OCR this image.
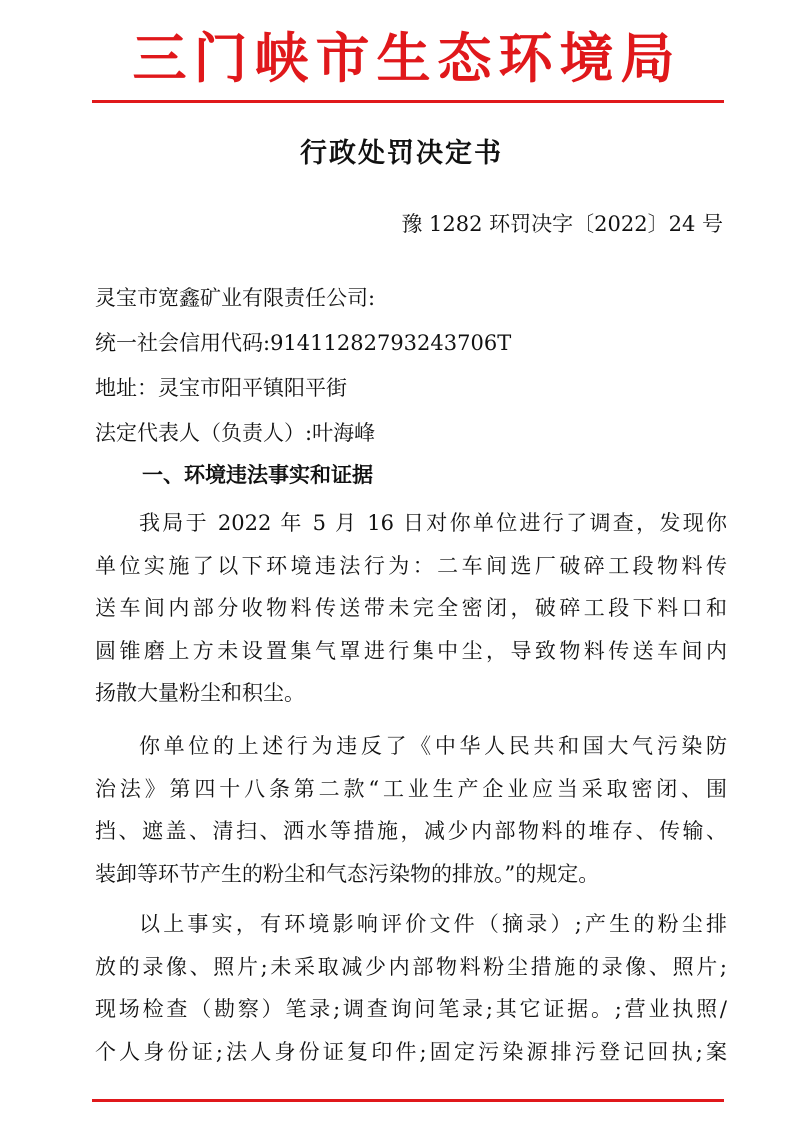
三门峡市生态环境局
行政处罚决定书
豫 1282 环罚决字〔2022〕24 号
灵宝市宽鑫矿业有限责任公司:
统一社会信用代码:91411282793243706T
地址：灵宝市阳平镇阳平街
法定代表人（负责人）:叶海峰
一、环境违法事实和证据
我局于 2022 年 5 月 16 日对你单位进行了调查，发现你
单位实施了以下环境违法行为：二车间选厂破碎工段物料传
送车间内部分收物料传送带未完全密闭，破碎工段下料口和
圆锥磨上方未设置集气罩进行集中尘，导致物料传送车间内
扬散大量粉尘和积尘。
你单位的上述行为违反了《中华人民共和国大气污染防
治法》第四十八条第二款“工业生产企业应当采取密闭、围
挡、遮盖、清扫、洒水等措施，减少内部物料的堆存、传输、
装卸等环节产生的粉尘和气态污染物的排放。”的规定。
以上事实，有环境影响评价文件（摘录）;产生的粉尘排
放的录像、照片;未采取减少内部物料粉尘措施的录像、照片;
现场检查（勘察）笔录;调查询问笔录;其它证据。;营业执照/
个人身份证;法人身份证复印件;固定污染源排污登记回执;案
